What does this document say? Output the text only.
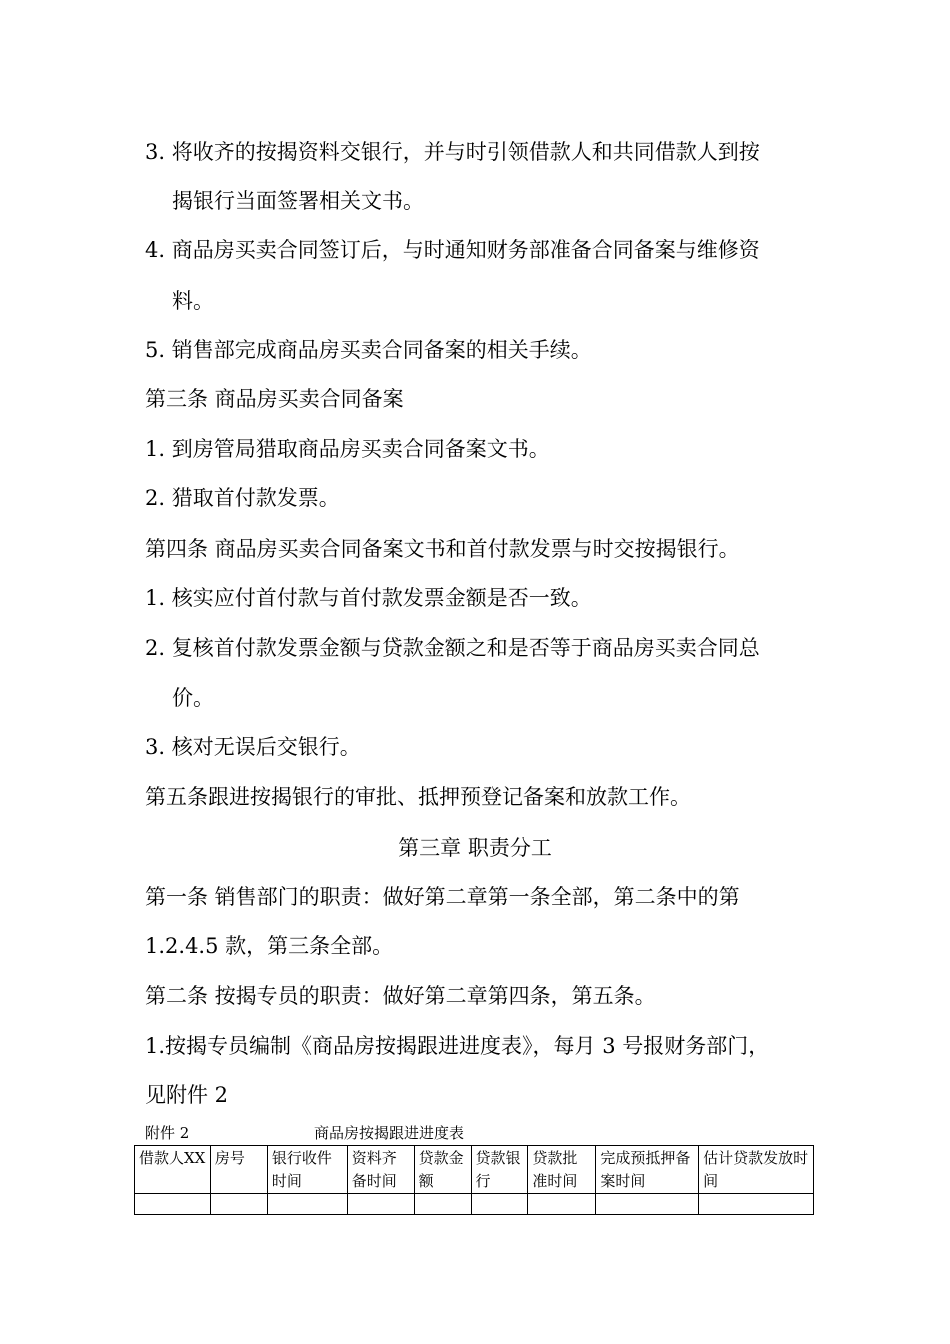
3. 将收齐的按揭资料交银行，并与时引领借款人和共同借款人到按
揭银行当面签署相关文书。
4. 商品房买卖合同签订后，与时通知财务部准备合同备案与维修资
料。
5. 销售部完成商品房买卖合同备案的相关手续。
第三条 商品房买卖合同备案
1. 到房管局猎取商品房买卖合同备案文书。
2. 猎取首付款发票。
第四条 商品房买卖合同备案文书和首付款发票与时交按揭银行。
1. 核实应付首付款与首付款发票金额是否一致。
2. 复核首付款发票金额与贷款金额之和是否等于商品房买卖合同总
价。
3. 核对无误后交银行。
第五条跟进按揭银行的审批、抵押预登记备案和放款工作。
第三章 职责分工
第一条 销售部门的职责：做好第二章第一条全部，第二条中的第
1.2.4.5 款，第三条全部。
第二条 按揭专员的职责：做好第二章第四条，第五条。
1.按揭专员编制《商品房按揭跟进进度表》，每月 3 号报财务部门，
见附件 2
附件 2	商品房按揭跟进进度表
借款人XX	房号	银行收件时间	资料齐备时间	贷款金额	贷款银行	贷款批准时间	完成预抵押备案时间	估计贷款发放时间
